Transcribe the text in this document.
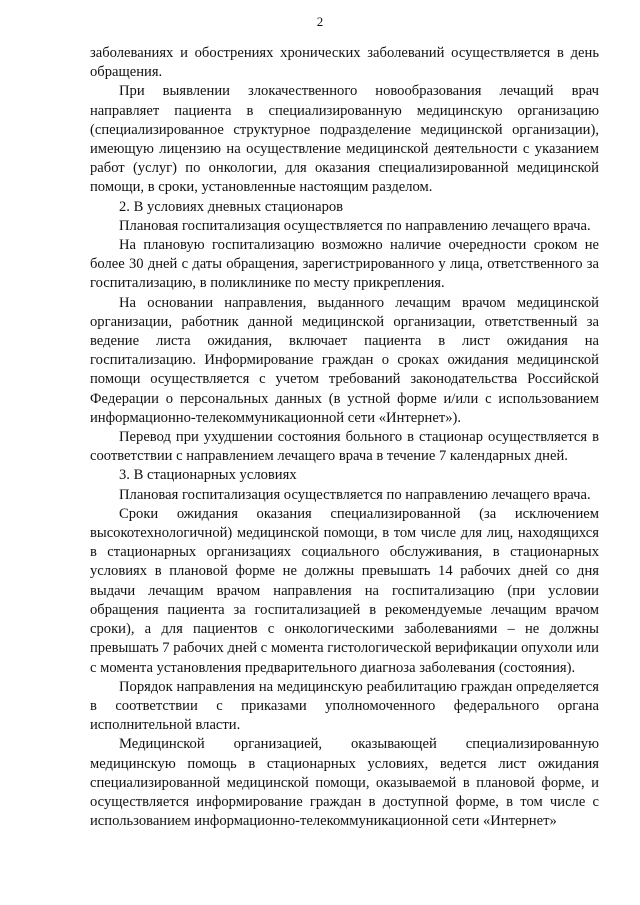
2

заболеваниях и обострениях хронических заболеваний осуществляется в день обращения.

При выявлении злокачественного новообразования лечащий врач направляет пациента в специализированную медицинскую организацию (специализированное структурное подразделение медицинской организации), имеющую лицензию на осуществление медицинской деятельности с указанием работ (услуг) по онкологии, для оказания специализированной медицинской помощи, в сроки, установленные настоящим разделом.

2. В условиях дневных стационаров

Плановая госпитализация осуществляется по направлению лечащего врача.

На плановую госпитализацию возможно наличие очередности сроком не более 30 дней с даты обращения, зарегистрированного у лица, ответственного за госпитализацию, в поликлинике по месту прикрепления.

На основании направления, выданного лечащим врачом медицинской организации, работник данной медицинской организации, ответственный за ведение листа ожидания, включает пациента в лист ожидания на госпитализацию. Информирование граждан о сроках ожидания медицинской помощи осуществляется с учетом требований законодательства Российской Федерации о персональных данных (в устной форме и/или с использованием информационно-телекоммуникационной сети «Интернет»).

Перевод при ухудшении состояния больного в стационар осуществляется в соответствии с направлением лечащего врача в течение 7 календарных дней.

3. В стационарных условиях

Плановая госпитализация осуществляется по направлению лечащего врача.

Сроки ожидания оказания специализированной (за исключением высокотехнологичной) медицинской помощи, в том числе для лиц, находящихся в стационарных организациях социального обслуживания, в стационарных условиях в плановой форме не должны превышать 14 рабочих дней со дня выдачи лечащим врачом направления на госпитализацию (при условии обращения пациента за госпитализацией в рекомендуемые лечащим врачом сроки), а для пациентов с онкологическими заболеваниями – не должны превышать 7 рабочих дней с момента гистологической верификации опухоли или с момента установления предварительного диагноза заболевания (состояния).

Порядок направления на медицинскую реабилитацию граждан определяется в соответствии с приказами уполномоченного федерального органа исполнительной власти.

Медицинской организацией, оказывающей специализированную медицинскую помощь в стационарных условиях, ведется лист ожидания специализированной медицинской помощи, оказываемой в плановой форме, и осуществляется информирование граждан в доступной форме, в том числе с использованием информационно-телекоммуникационной сети «Интернет»
